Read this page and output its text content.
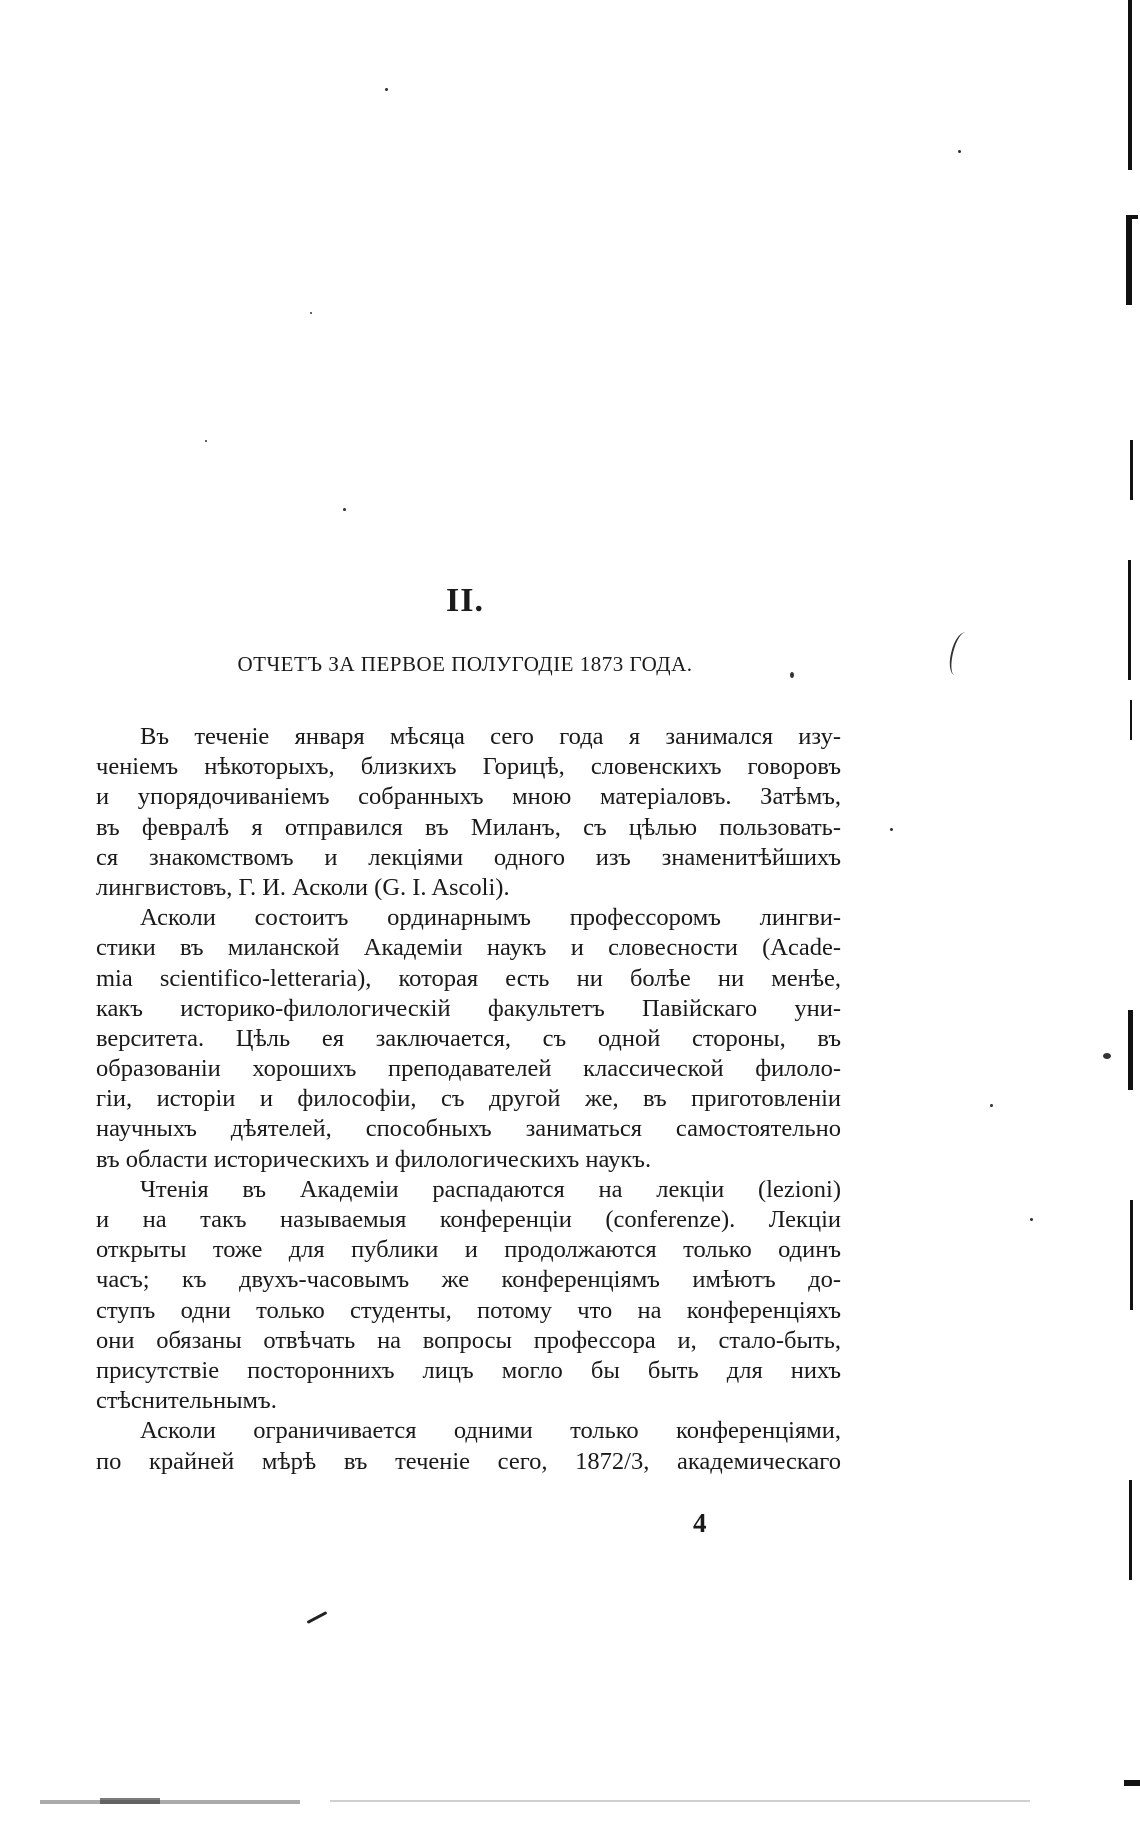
II.
ОТЧЕТЪ ЗА ПЕРВОЕ ПОЛУГОДІЕ 1873 ГОДА.
Въ теченіе января мѣсяца сего года я занимался изу-
ченіемъ нѣкоторыхъ, близкихъ Горицѣ, словенскихъ говоровъ
и упорядочиваніемъ собранныхъ мною матеріаловъ. Затѣмъ,
въ февралѣ я отправился въ Миланъ, съ цѣлью пользовать-
ся знакомствомъ и лекціями одного изъ знаменитѣйшихъ
лингвистовъ, Г. И. Асколи (G. I. Ascoli).
Асколи состоитъ ординарнымъ профессоромъ лингви-
стики въ миланской Академіи наукъ и словесности (Acade-
mia scientifico-letteraria), которая есть ни болѣе ни менѣе,
какъ историко-филологическій факультетъ Павійскаго уни-
верситета. Цѣль ея заключается, съ одной стороны, въ
образованіи хорошихъ преподавателей классической филоло-
гіи, исторіи и философіи, съ другой же, въ приготовленіи
научныхъ дѣятелей, способныхъ заниматься самостоятельно
въ области историческихъ и филологическихъ наукъ.
Чтенія въ Академіи распадаются на лекціи (lezioni)
и на такъ называемыя конференціи (conferenze). Лекціи
открыты тоже для публики и продолжаются только одинъ
часъ; къ двухъ-часовымъ же конференціямъ имѣютъ до-
ступъ одни только студенты, потому что на конференціяхъ
они обязаны отвѣчать на вопросы профессора и, стало-быть,
присутствіе постороннихъ лицъ могло бы быть для нихъ
стѣснительнымъ.
Асколи ограничивается одними только конференціями,
по крайней мѣрѣ въ теченіе сего, 1872/3, академическаго
4
